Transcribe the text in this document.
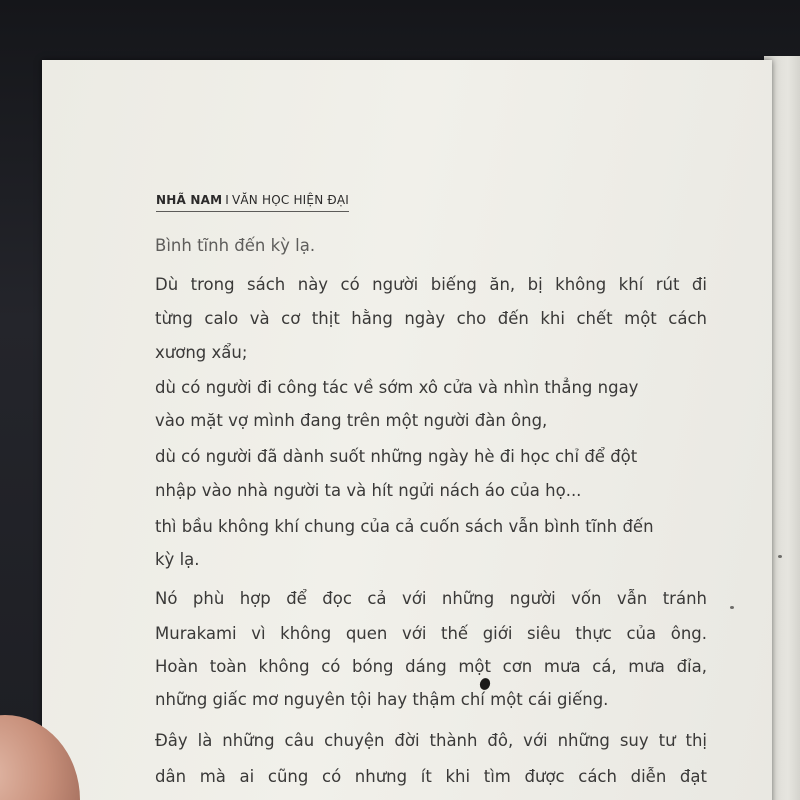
NHÃ NAM I VĂN HỌC HIỆN ĐẠI
Bình tĩnh đến kỳ lạ.
Dù trong sách này có người biếng ăn, bị không khí rút đi
từng calo và cơ thịt hằng ngày cho đến khi chết một cách
xương xẩu;
dù có người đi công tác về sớm xô cửa và nhìn thẳng ngay
vào mặt vợ mình đang trên một người đàn ông,
dù có người đã dành suốt những ngày hè đi học chỉ để đột
nhập vào nhà người ta và hít ngửi nách áo của họ...
thì bầu không khí chung của cả cuốn sách vẫn bình tĩnh đến
kỳ lạ.
Nó phù hợp để đọc cả với những người vốn vẫn tránh
Murakami vì không quen với thế giới siêu thực của ông.
Hoàn toàn không có bóng dáng một cơn mưa cá, mưa đỉa,
những giấc mơ nguyên tội hay thậm chí một cái giếng.
Đây là những câu chuyện đời thành đô, với những suy tư thị
dân mà ai cũng có nhưng ít khi tìm được cách diễn đạt
